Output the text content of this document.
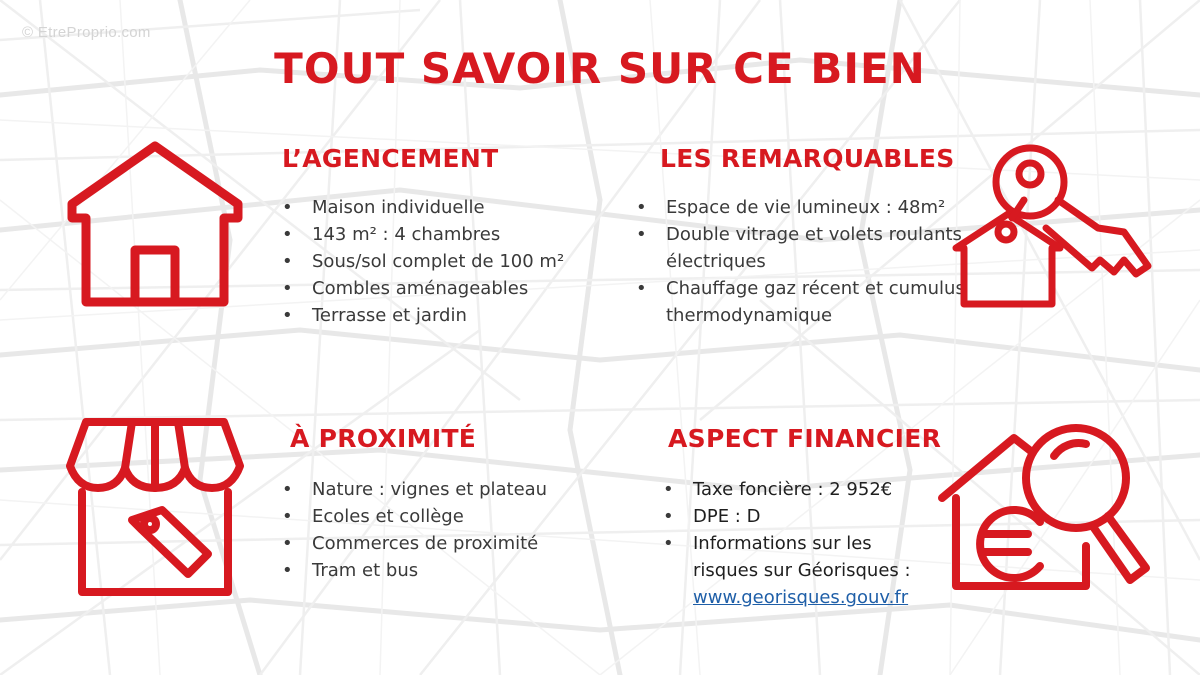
© EtreProprio.com
TOUT SAVOIR SUR CE BIEN
L’AGENCEMENT
• Maison individuelle
• 143 m² : 4 chambres
• Sous/sol complet de 100 m²
• Combles aménageables
• Terrasse et jardin
LES REMARQUABLES
• Espace de vie lumineux : 48m²
• Double vitrage et volets roulants
électriques
• Chauffage gaz récent et cumulus
thermodynamique
À PROXIMITÉ
• Nature : vignes et plateau
• Ecoles et collège
• Commerces de proximité
• Tram et bus
ASPECT FINANCIER
• Taxe foncière : 2 952€
• DPE : D
• Informations sur les
risques sur Géorisques :
www.georisques.gouv.fr
